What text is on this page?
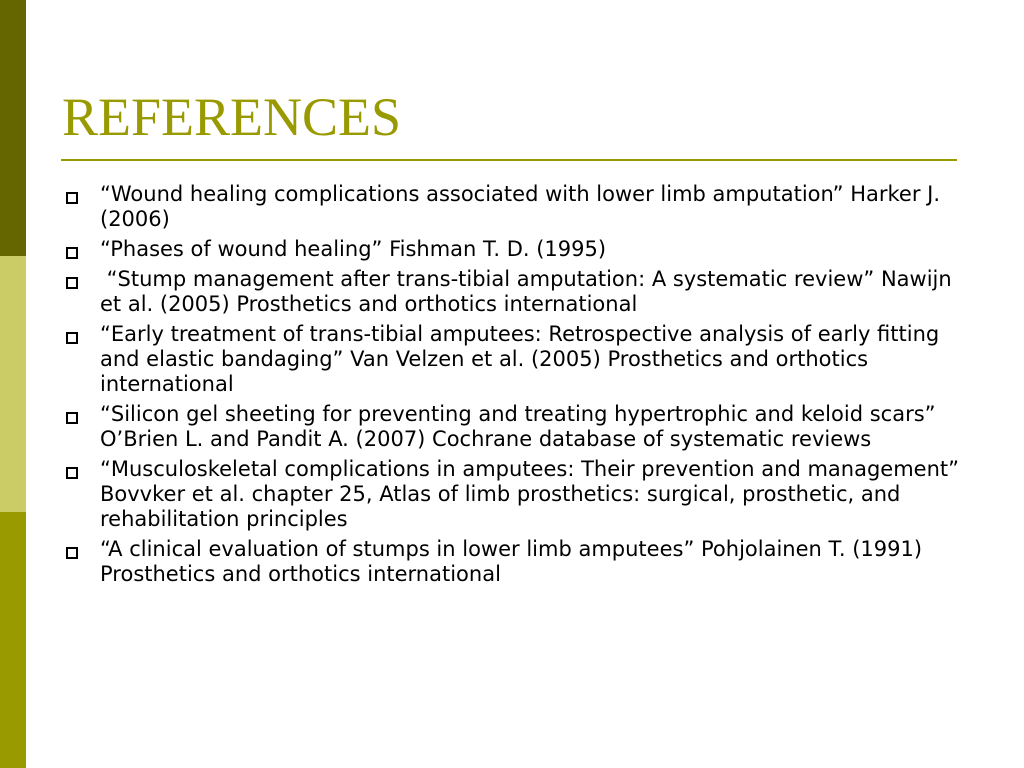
REFERENCES
“Wound healing complications associated with lower limb amputation” Harker J. (2006)
“Phases of wound healing” Fishman T. D. (1995)
“Stump management after trans-tibial amputation: A systematic review” Nawijn et al. (2005) Prosthetics and orthotics international
“Early treatment of trans-tibial amputees: Retrospective analysis of early fitting and elastic bandaging” Van Velzen et al. (2005) Prosthetics and orthotics international
“Silicon gel sheeting for preventing and treating hypertrophic and keloid scars” O’Brien L. and Pandit A. (2007) Cochrane database of systematic reviews
“Musculoskeletal complications in amputees: Their prevention and management” Bovvker et al. chapter 25, Atlas of limb prosthetics: surgical, prosthetic, and rehabilitation principles
“A clinical evaluation of stumps in lower limb amputees” Pohjolainen T. (1991) Prosthetics and orthotics international
